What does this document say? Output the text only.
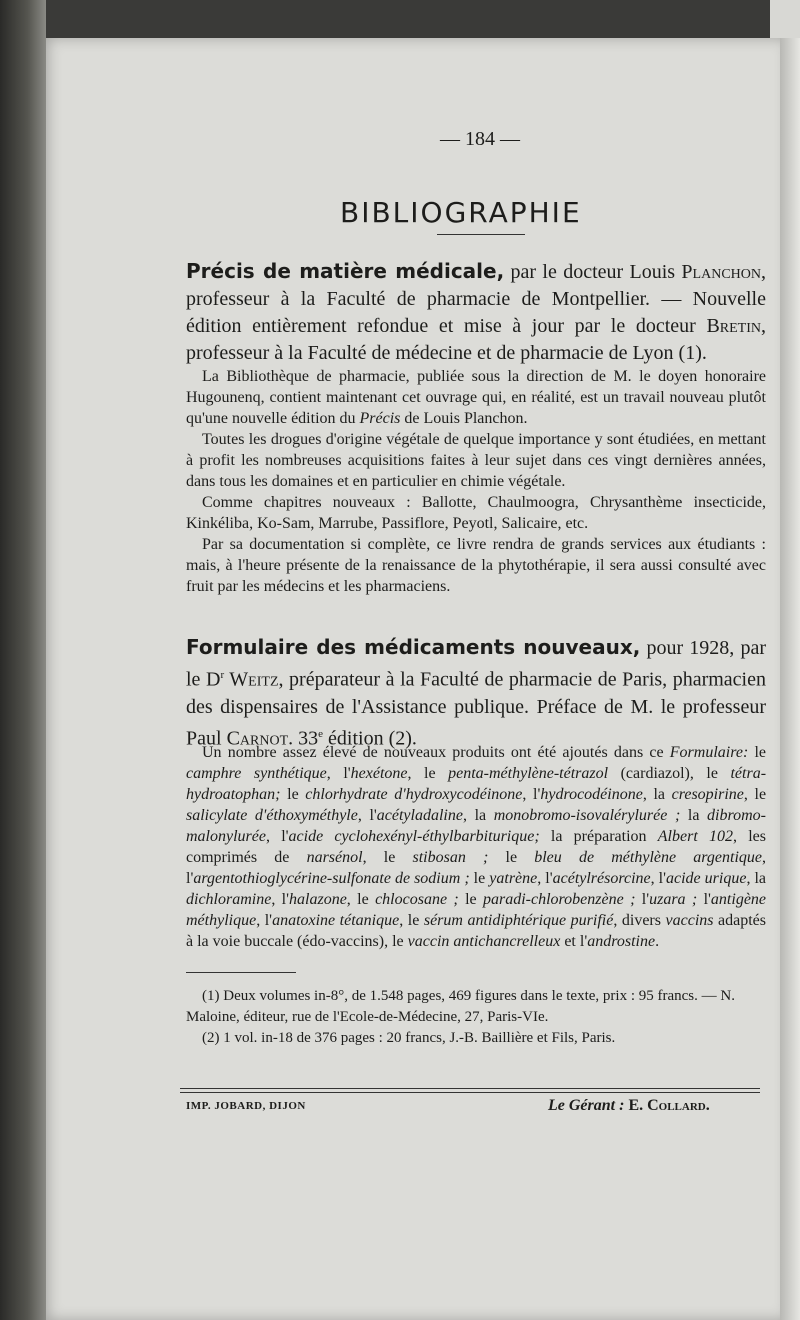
— 184 —
BIBLIOGRAPHIE
Précis de matière médicale, par le docteur Louis Planchon, professeur à la Faculté de pharmacie de Montpellier. — Nouvelle édition entièrement refondue et mise à jour par le docteur Bretin, professeur à la Faculté de médecine et de pharmacie de Lyon (1).

La Bibliothèque de pharmacie, publiée sous la direction de M. le doyen honoraire Hugounenq, contient maintenant cet ouvrage qui, en réalité, est un travail nouveau plutôt qu'une nouvelle édition du Précis de Louis Planchon.

Toutes les drogues d'origine végétale de quelque importance y sont étudiées, en mettant à profit les nombreuses acquisitions faites à leur sujet dans ces vingt dernières années, dans tous les domaines et en particulier en chimie végétale.

Comme chapitres nouveaux : Ballotte, Chaulmoogra, Chrysanthème insecticide, Kinkéliba, Ko-Sam, Marrube, Passiflore, Peyotl, Salicaire, etc.

Par sa documentation si complète, ce livre rendra de grands services aux étudiants : mais, à l'heure présente de la renaissance de la phytothérapie, il sera aussi consulté avec fruit par les médecins et les pharmaciens.

Formulaire des médicaments nouveaux, pour 1928, par le $D^r$ Weitz, préparateur à la Faculté de pharmacie de Paris, pharmacien des dispensaires de l'Assistance publique. Préface de M. le professeur Paul Carnot. 33e édition (2).

Un nombre assez élevé de nouveaux produits ont été ajoutés dans ce Formulaire: le camphre synthétique, l'hexétone, le penta-méthylène-tétrazol (cardiazol), le tétra-hydroatophan; le chlorhydrate d'hydroxycodéinone, l'hydrocodéinone, la cresopirine, le salicylate d'éthoxyméthyle, l'acétyladaline, la monobromo-isovalérylurée ; la dibromo-malonylurée, l'acide cyclohexényl-éthylbarbiturique; la préparation Albert 102, les comprimés de narsénol, le stibosan ; le bleu de méthylène argentique, l'argentothioglycérine-sulfonate de sodium ; le yatrène, l'acétylrésorcine, l'acide urique, la dichloramine, l'halazone, le chlocosane ; le paradi-chlorobenzène ; l'uzara ; l'antigène méthylique, l'anatoxine tétanique, le sérum antidiphtérique purifié, divers vaccins adaptés à la voie buccale (édo-vaccins), le vaccin antichancrelleux et l'androstine.

(1) Deux volumes in-8°, de 1.548 pages, 469 figures dans le texte, prix : 95 francs. — N. Maloine, éditeur, rue de l'Ecole-de-Médecine, 27, Paris-VIe.

(2) 1 vol. in-18 de 376 pages : 20 francs, J.-B. Baillière et Fils, Paris.

IMP. JOBARD, DIJON	Le Gérant : E. Collard.
